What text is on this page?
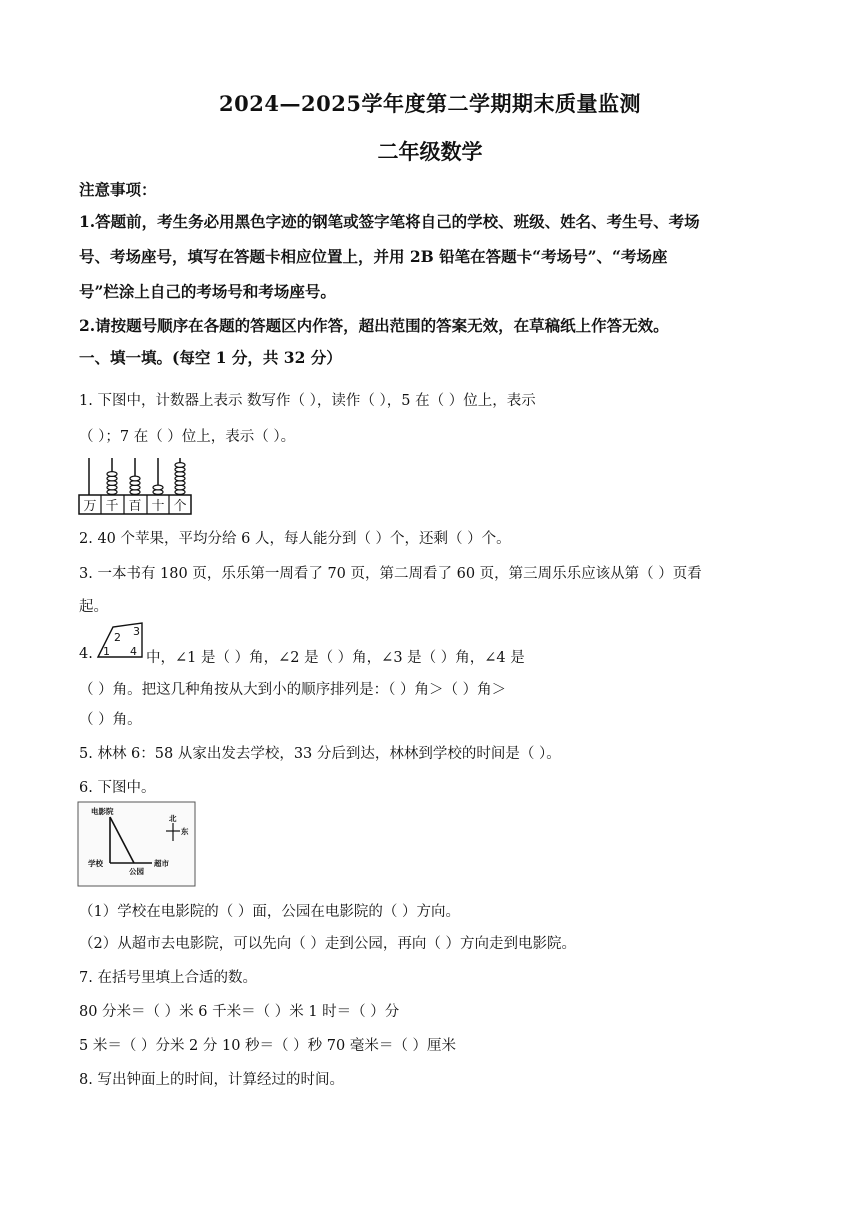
2024—2025学年度第二学期期末质量监测
二年级数学
注意事项：
1.答题前，考生务必用黑色字迹的钢笔或签字笔将自己的学校、班级、姓名、考生号、考场
号、考场座号，填写在答题卡相应位置上，并用 2B 铅笔在答题卡“考场号”、“考场座
号”栏涂上自己的考场号和考场座号。
2.请按题号顺序在各题的答题区内作答，超出范围的答案无效，在草稿纸上作答无效。
一、填一填。(每空 1 分，共 32 分）
1. 下图中，计数器上表示 数写作（ ），读作（ ），5 在（ ）位上，表示
（ ）；7 在（ ）位上，表示（ ）。
万 千 百 十 个
2. 40 个苹果，平均分给 6 人，每人能分到（ ）个，还剩（ ）个。
3. 一本书有 180 页，乐乐第一周看了 70 页，第二周看了 60 页，第三周乐乐应该从第（ ）页看
起。
4. 1
2 3
4 中，∠1 是（ ）角，∠2 是（ ）角，∠3 是（ ）角，∠4 是
（ ）角。把这几种角按从大到小的顺序排列是：（ ）角＞（ ）角＞
（ ）角。
5. 林林 6：58 从家出发去学校，33 分后到达，林林到学校的时间是（ ）。
6. 下图中。
电影院
学校
公园
超市
北
东
（1）学校在电影院的（ ）面，公园在电影院的（ ）方向。
（2）从超市去电影院，可以先向（ ）走到公园，再向（ ）方向走到电影院。
7. 在括号里填上合适的数。
80 分米＝（ ）米 6 千米＝（ ）米 1 时＝（ ）分
5 米＝（ ）分米 2 分 10 秒＝（ ）秒 70 毫米＝（ ）厘米
8. 写出钟面上的时间，计算经过的时间。
